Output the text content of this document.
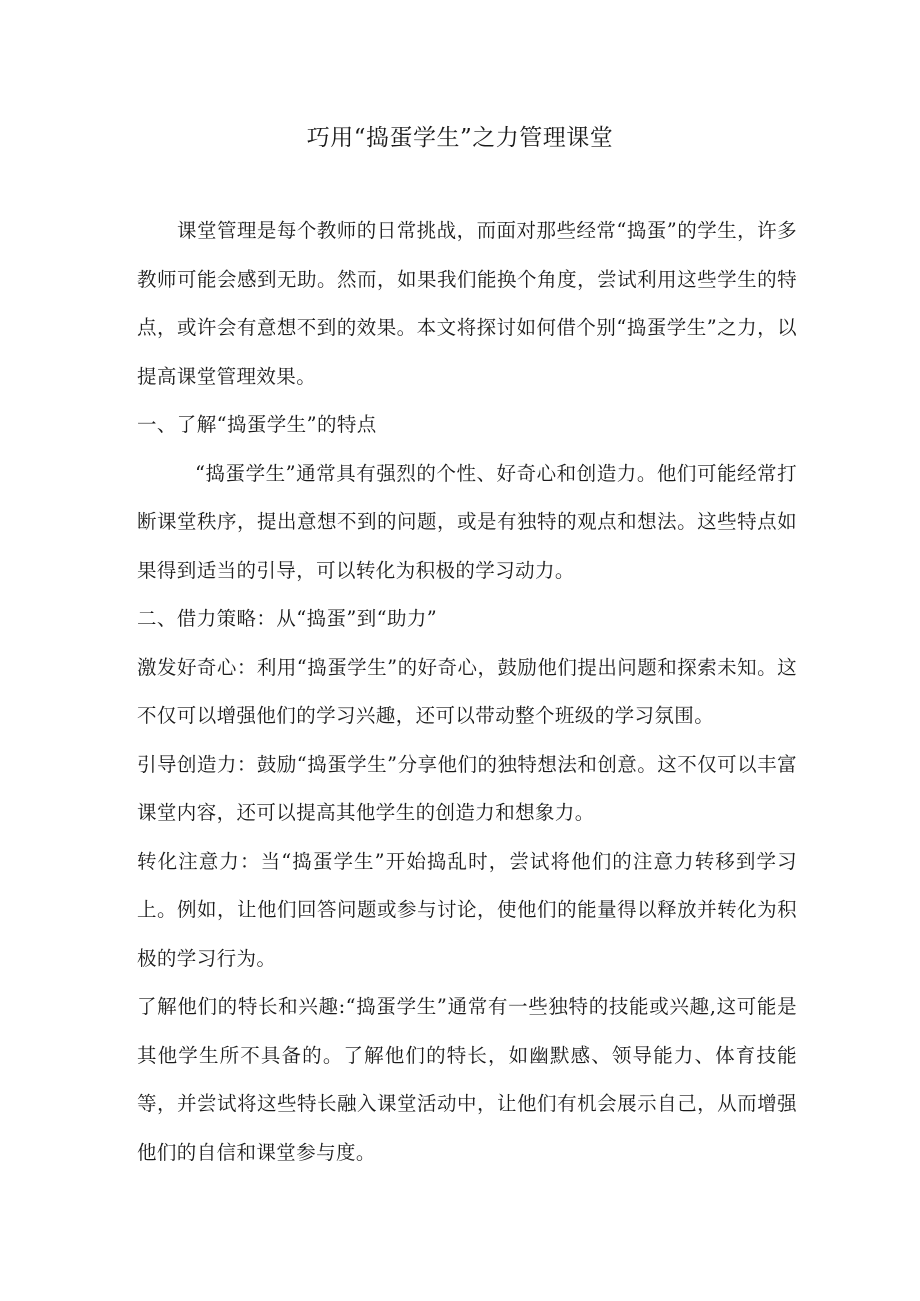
巧用“捣蛋学生”之力管理课堂

课堂管理是每个教师的日常挑战，而面对那些经常“捣蛋”的学生，许多教师可能会感到无助。然而，如果我们能换个角度，尝试利用这些学生的特点，或许会有意想不到的效果。本文将探讨如何借个别“捣蛋学生”之力，以提高课堂管理效果。

一、了解“捣蛋学生”的特点

“捣蛋学生”通常具有强烈的个性、好奇心和创造力。他们可能经常打断课堂秩序，提出意想不到的问题，或是有独特的观点和想法。这些特点如果得到适当的引导，可以转化为积极的学习动力。

二、借力策略：从“捣蛋”到“助力”

激发好奇心：利用“捣蛋学生”的好奇心，鼓励他们提出问题和探索未知。这不仅可以增强他们的学习兴趣，还可以带动整个班级的学习氛围。

引导创造力：鼓励“捣蛋学生”分享他们的独特想法和创意。这不仅可以丰富课堂内容，还可以提高其他学生的创造力和想象力。

转化注意力：当“捣蛋学生”开始捣乱时，尝试将他们的注意力转移到学习上。例如，让他们回答问题或参与讨论，使他们的能量得以释放并转化为积极的学习行为。

了解他们的特长和兴趣:“捣蛋学生”通常有一些独特的技能或兴趣,这可能是其他学生所不具备的。了解他们的特长，如幽默感、领导能力、体育技能等，并尝试将这些特长融入课堂活动中，让他们有机会展示自己，从而增强他们的自信和课堂参与度。
